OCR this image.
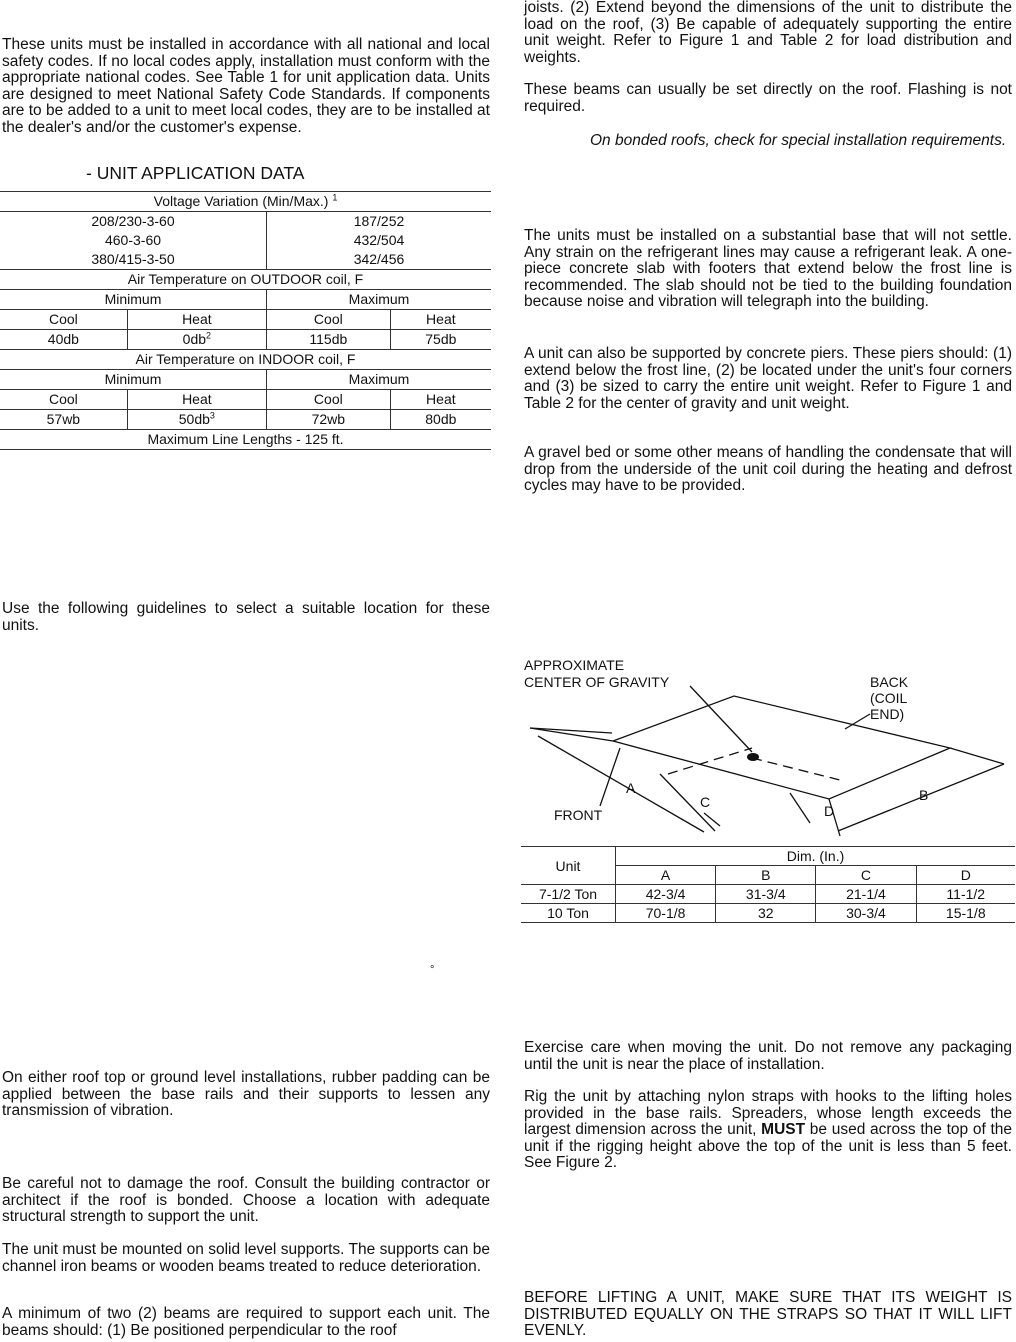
These units must be installed in accordance with all national and local safety codes. If no local codes apply, installation must conform with the appropriate national codes. See Table 1 for unit application data. Units are designed to meet National Safety Code Standards. If components are to be added to a unit to meet local codes, they are to be installed at the dealer's and/or the customer's expense.

- UNIT APPLICATION DATA

Voltage Variation (Min/Max.) $^1$
208/230-3-60		187/252	
460-3-60		432/504	
380/415-3-50		342/456	
Air Temperature on OUTDOOR coil, F			
Minimum		Maximum	
Cool	Heat	Cool	Heat
40db	$0db^2$	115db	75db
Air Temperature on INDOOR coil, F			
Minimum		Maximum	
Cool	Heat	Cool	Heat
57wb	$50db^3$	72wb	80db
Maximum Line Lengths - 125 ft.			

Use the following guidelines to select a suitable location for these units.

°

On either roof top or ground level installations, rubber padding can be applied between the base rails and their supports to lessen any transmission of vibration.

Be careful not to damage the roof. Consult the building contractor or architect if the roof is bonded. Choose a location with adequate structural strength to support the unit.

The unit must be mounted on solid level supports. The supports can be channel iron beams or wooden beams treated to reduce deterioration.

A minimum of two (2) beams are required to support each unit. The beams should: (1) Be positioned perpendicular to the roof

joists. (2) Extend beyond the dimensions of the unit to distribute the load on the roof, (3) Be capable of adequately supporting the entire unit weight. Refer to Figure 1 and Table 2 for load distribution and weights.

These beams can usually be set directly on the roof. Flashing is not required.

On bonded roofs, check for special installation requirements.

The units must be installed on a substantial base that will not settle. Any strain on the refrigerant lines may cause a refrigerant leak. A one-piece concrete slab with footers that extend below the frost line is recommended. The slab should not be tied to the building foundation because noise and vibration will telegraph into the building.

A unit can also be supported by concrete piers. These piers should: (1) extend below the frost line, (2) be located under the unit's four corners and (3) be sized to carry the entire unit weight. Refer to Figure 1 and Table 2 for the center of gravity and unit weight.

A gravel bed or some other means of handling the condensate that will drop from the underside of the unit coil during the heating and defrost cycles may have to be provided.

APPROXIMATE
CENTER OF GRAVITY	BACK
(COIL
END)
FRONT
A
C
D
B
Unit	Dim. (In.)			
	A	B	C	D
7-1/2 Ton	42-3/4	31-3/4	21-1/4	11-1/2
10 Ton	70-1/8	32	30-3/4	15-1/8

Exercise care when moving the unit. Do not remove any packaging until the unit is near the place of installation.

Rig the unit by attaching nylon straps with hooks to the lifting holes provided in the base rails. Spreaders, whose length exceeds the largest dimension across the unit, MUST be used across the top of the unit if the rigging height above the top of the unit is less than 5 feet. See Figure 2.

BEFORE LIFTING A UNIT, MAKE SURE THAT ITS WEIGHT IS DISTRIBUTED EQUALLY ON THE STRAPS SO THAT IT WILL LIFT EVENLY.
